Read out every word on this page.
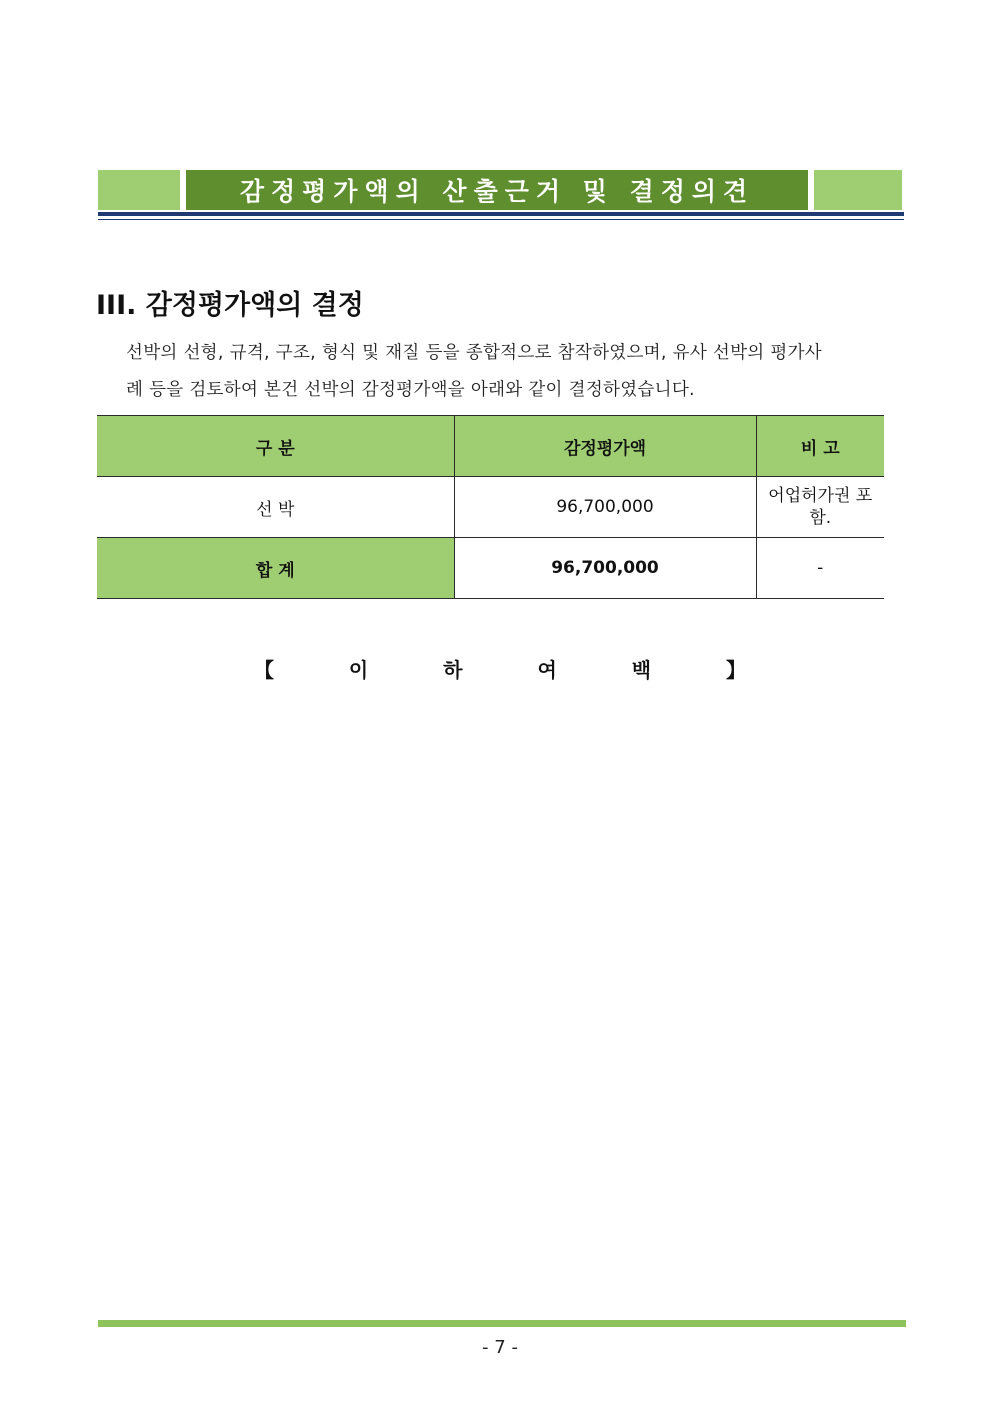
감정평가액의 산출근거 및 결정의견
III. 감정평가액의 결정
선박의 선형, 규격, 구조, 형식 및 재질 등을 종합적으로 참작하였으며, 유사 선박의 평가사
례 등을 검토하여 본건 선박의 감정평가액을 아래와 같이 결정하였습니다.
구 분	감정평가액	비 고
선 박	96,700,000	어업허가권 포함.
합 계	96,700,000	-
【 이 하 여 백 】
- 7 -
